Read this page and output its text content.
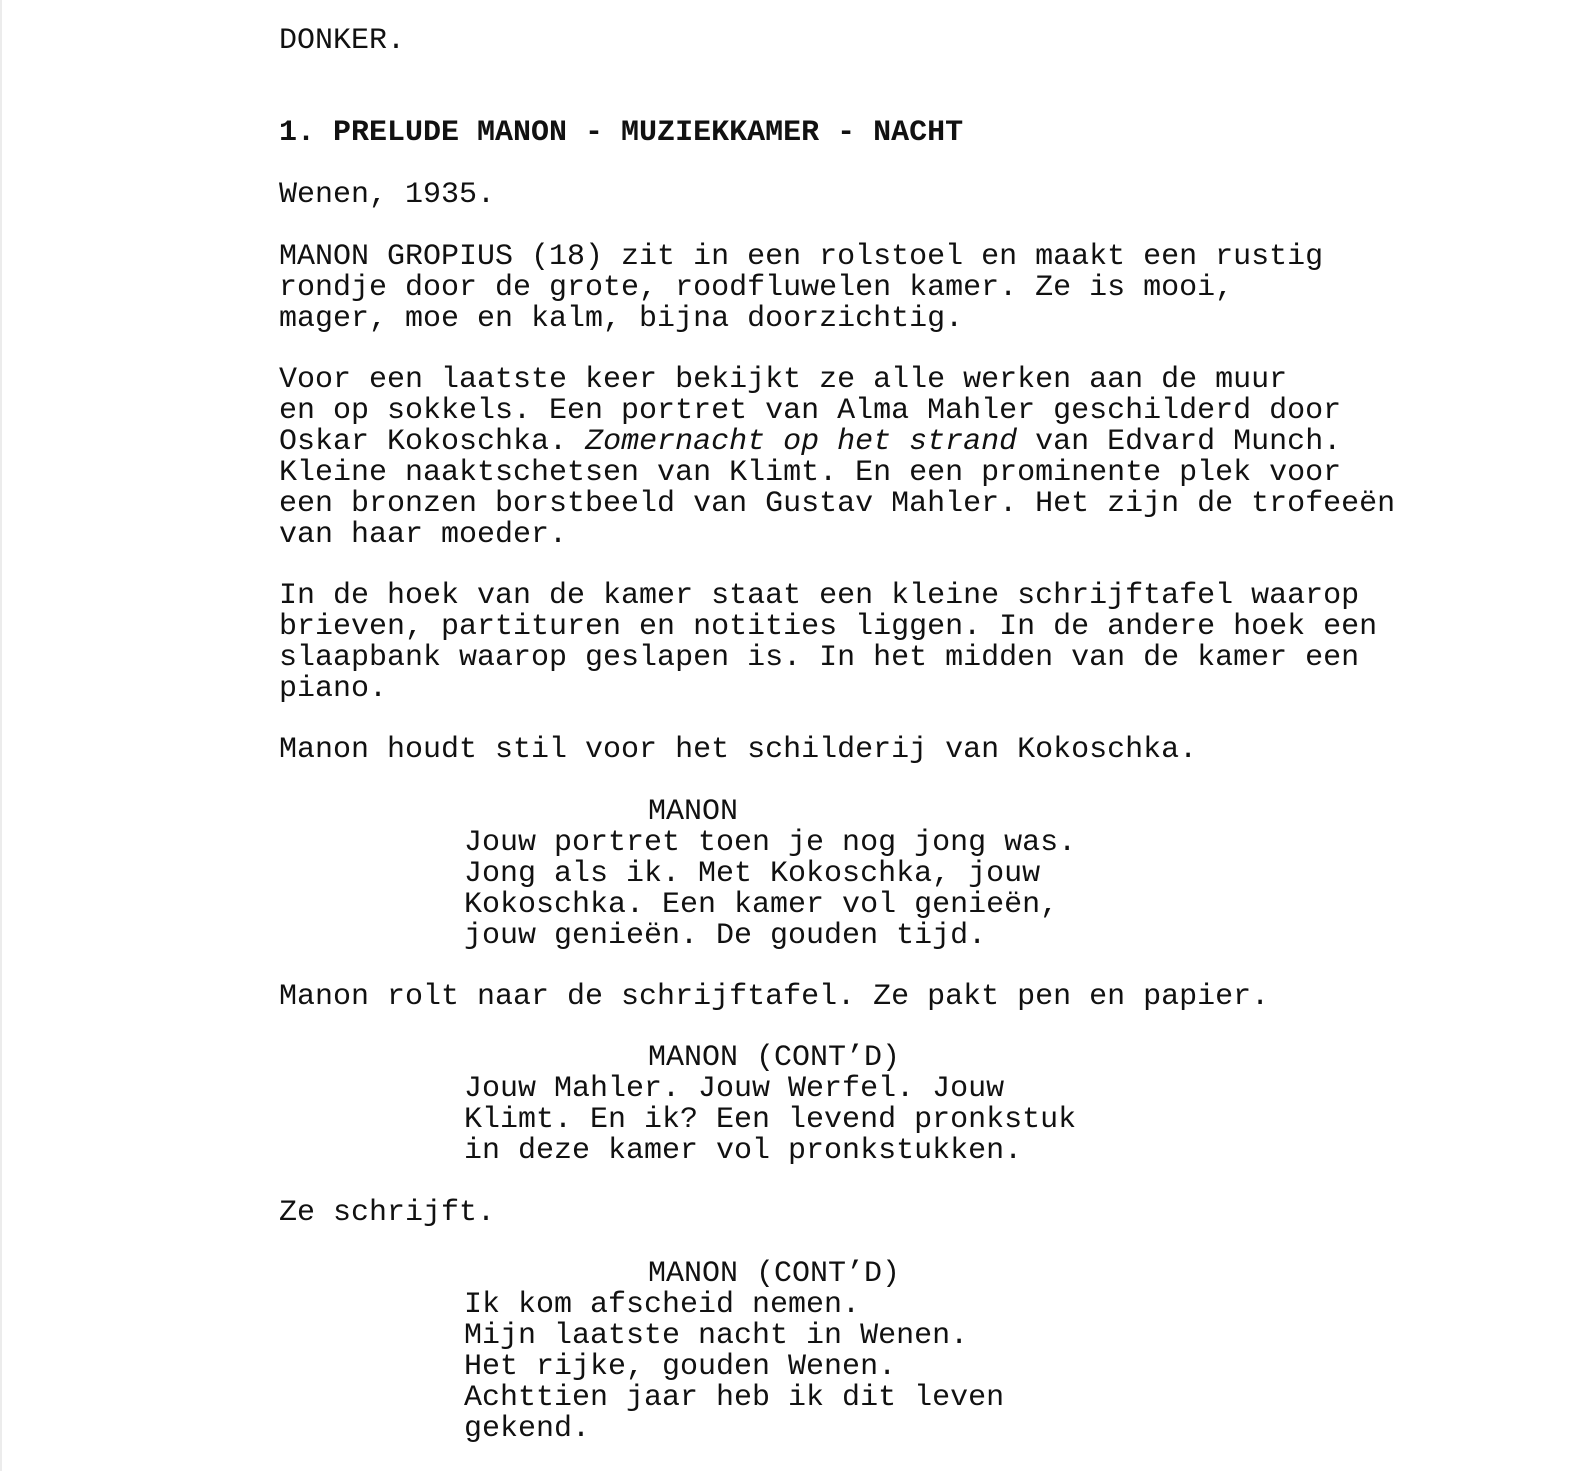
DONKER.
1. PRELUDE MANON - MUZIEKKAMER - NACHT
Wenen, 1935.
MANON GROPIUS (18) zit in een rolstoel en maakt een rustig
rondje door de grote, roodfluwelen kamer. Ze is mooi,
mager, moe en kalm, bijna doorzichtig.
Voor een laatste keer bekijkt ze alle werken aan de muur
en op sokkels. Een portret van Alma Mahler geschilderd door
Oskar Kokoschka. Zomernacht op het strand van Edvard Munch.
Kleine naaktschetsen van Klimt. En een prominente plek voor
een bronzen borstbeeld van Gustav Mahler. Het zijn de trofeeën
van haar moeder.
In de hoek van de kamer staat een kleine schrijftafel waarop
brieven, partituren en notities liggen. In de andere hoek een
slaapbank waarop geslapen is. In het midden van de kamer een
piano.
Manon houdt stil voor het schilderij van Kokoschka.
MANON
Jouw portret toen je nog jong was.
Jong als ik. Met Kokoschka, jouw
Kokoschka. Een kamer vol genieën,
jouw genieën. De gouden tijd.
Manon rolt naar de schrijftafel. Ze pakt pen en papier.
MANON (CONT’D)
Jouw Mahler. Jouw Werfel. Jouw
Klimt. En ik? Een levend pronkstuk
in deze kamer vol pronkstukken.
Ze schrijft.
MANON (CONT’D)
Ik kom afscheid nemen.
Mijn laatste nacht in Wenen.
Het rijke, gouden Wenen.
Achttien jaar heb ik dit leven
gekend.
